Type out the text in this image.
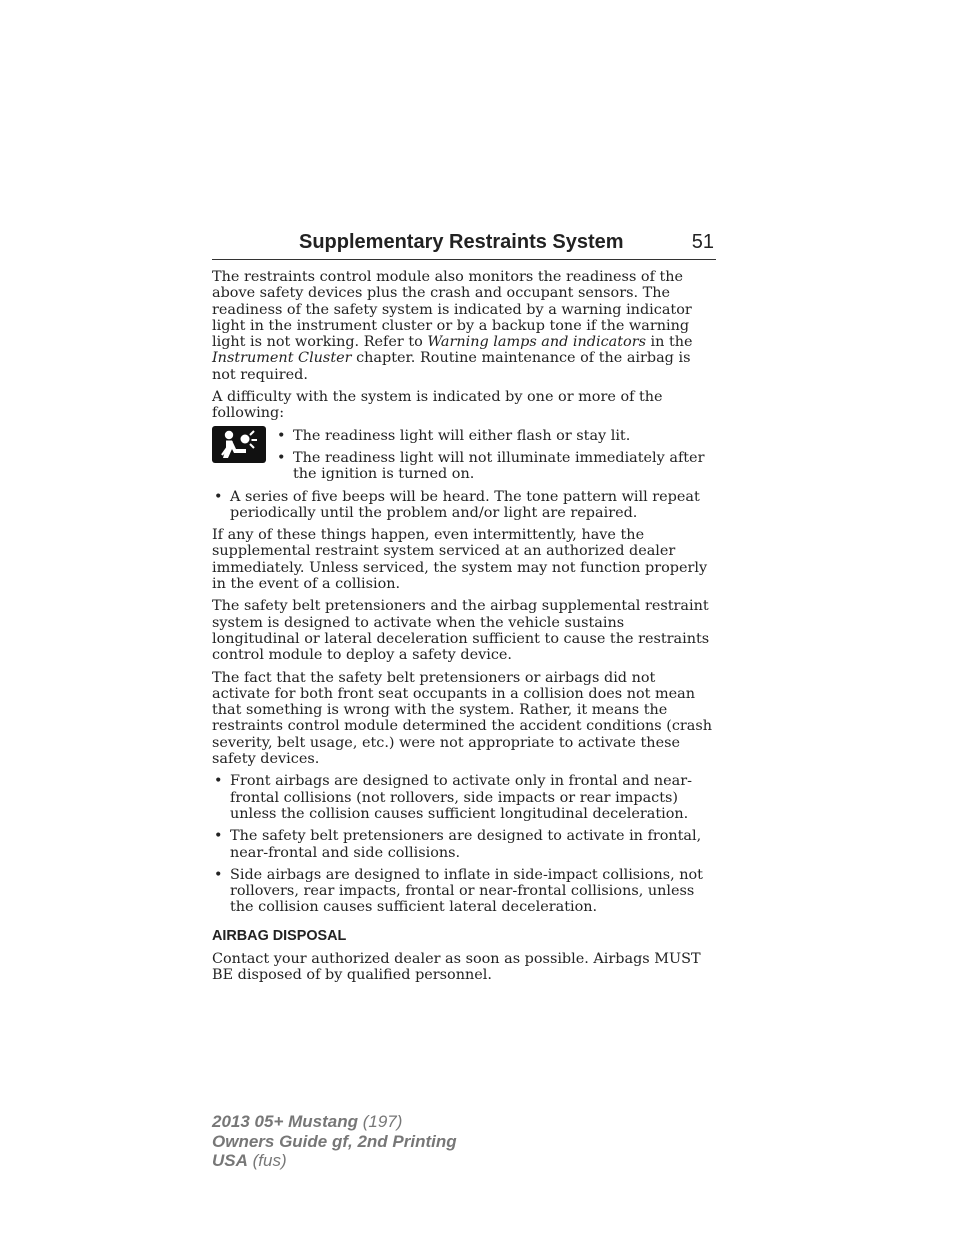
Supplementary Restraints System	51

The restraints control module also monitors the readiness of the above safety devices plus the crash and occupant sensors. The readiness of the safety system is indicated by a warning indicator light in the instrument cluster or by a backup tone if the warning light is not working. Refer to Warning lamps and indicators in the Instrument Cluster chapter. Routine maintenance of the airbag is not required.

A difficulty with the system is indicated by one or more of the following:

• The readiness light will either flash or stay lit.
• The readiness light will not illuminate immediately after the ignition is turned on.
• A series of five beeps will be heard. The tone pattern will repeat periodically until the problem and/or light are repaired.

If any of these things happen, even intermittently, have the supplemental restraint system serviced at an authorized dealer immediately. Unless serviced, the system may not function properly in the event of a collision.

The safety belt pretensioners and the airbag supplemental restraint system is designed to activate when the vehicle sustains longitudinal or lateral deceleration sufficient to cause the restraints control module to deploy a safety device.

The fact that the safety belt pretensioners or airbags did not activate for both front seat occupants in a collision does not mean that something is wrong with the system. Rather, it means the restraints control module determined the accident conditions (crash severity, belt usage, etc.) were not appropriate to activate these safety devices.

• Front airbags are designed to activate only in frontal and near-frontal collisions (not rollovers, side impacts or rear impacts) unless the collision causes sufficient longitudinal deceleration.
• The safety belt pretensioners are designed to activate in frontal, near-frontal and side collisions.
• Side airbags are designed to inflate in side-impact collisions, not rollovers, rear impacts, frontal or near-frontal collisions, unless the collision causes sufficient lateral deceleration.
AIRBAG DISPOSAL

Contact your authorized dealer as soon as possible. Airbags MUST BE disposed of by qualified personnel.

2013 05+ Mustang (197)
Owners Guide gf, 2nd Printing
USA (fus)
